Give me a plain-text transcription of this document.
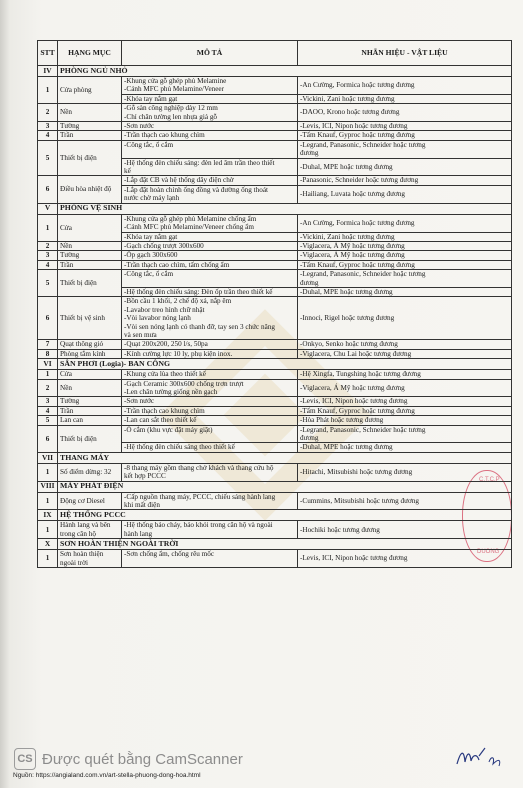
C.T.C.P
DUONG
STT	HẠNG MỤC	MÔ TẢ	NHÃN HIỆU - VẬT LIỆU
IV	PHÒNG NGỦ NHỎ		
1	Cửa phòng	-Khung cửa gỗ ghép phủ Melamine
-Cánh MFC phủ Melamine/Veneer	-An Cường, Formica hoặc tương đương

		-Khóa tay nắm gạt	-Vickini, Zani hoặc tương đương

2	Nền	-Gỗ sàn công nghiệp dày 12 mm
-Chỉ chân tường len nhựa giả gỗ	-DAOO, Krono hoặc tương đương

3	Tường	-Sơn nước	-Levis, ICI, Nipon hoặc tương đương

4	Trần	-Trần thạch cao khung chìm	-Tấm Knauf, Gyproc hoặc tương đương

5	Thiết bị điện	-Công tắc, ổ cắm	-Legrand, Panasonic, Schneider hoặc tương
đương

		-Hệ thống đèn chiếu sáng: đèn led âm trần theo thiết
kế	-Duhal, MPE hoặc tương đương

6	Điều hòa nhiệt độ	-Lắp đặt CB và hệ thống dây điện chờ	-Panasonic, Schneider hoặc tương đương

		-Lắp đặt hoàn chỉnh ống đồng và đường ống thoát
nước chờ máy lạnh	-Hailiang, Luvata hoặc tương đương

V	PHÒNG VỆ SINH		
1	Cửa	-Khung cửa gỗ ghép phủ Melamine chống ẩm
-Cánh MFC phủ Melamine/Veneer chống ẩm	-An Cường, Formica hoặc tương đương

		-Khóa tay nắm gạt	-Vickini, Zani hoặc tương đương

2	Nền	-Gạch chống trượt 300x600	-Viglacera, Á Mỹ hoặc tương đương

3	Tường	-Ốp gạch 300x600	-Viglacera, Á Mỹ hoặc tương đương

4	Trần	-Trần thạch cao chìm, tấm chống ẩm	-Tấm Knauf, Gyproc hoặc tương đương

5	Thiết bị điện	-Công tắc, ổ cắm	-Legrand, Panasonic, Schneider hoặc tương
đương

		-Hệ thống đèn chiếu sáng: Đèn ốp trần theo thiết kế	-Duhal, MPE hoặc tương đương

6	Thiết bị vệ sinh	-Bồn cầu 1 khối, 2 chế độ xả, nắp êm
-Lavabor treo hình chữ nhật
-Vòi lavabor nóng lạnh
-Vòi sen nóng lạnh có thanh đỡ, tay sen 3 chức năng
và sen mưa	-Innoci, Rigel hoặc tương đương

7	Quạt thông gió	-Quạt 200x200, 250 l/s, 50pa	-Onkyo, Senko hoặc tương đương

8	Phòng tắm kính	-Kính cường lực 10 ly, phụ kiện inox.	-Viglacera, Chu Lai hoặc tương đương

VI	SÂN PHƠI (Logia)- BAN CÔNG		
1	Cửa	-Khung cửa lùa theo thiết kế	-Hệ Xingfa, Tungshing hoặc tương đương

2	Nền	-Gạch Ceramic 300x600 chống trơn trượt
-Len chân tường giống nền gạch	-Viglacera, Á Mỹ hoặc tương đương

3	Tường	-Sơn nước	-Levis, ICI, Nipon hoặc tương đương

4	Trần	-Trần thạch cao khung chìm	-Tấm Knauf, Gyproc hoặc tương đương

5	Lan can	-Lan can sắt theo thiết kế	-Hòa Phát hoặc tương đương

6	Thiết bị điện	-Ổ cắm (khu vực đặt máy giặt)	-Legrand, Panasonic, Schneider hoặc tương
đương

		-Hệ thống đèn chiếu sáng theo thiết kế	-Duhal, MPE hoặc tương đương

VII	THANG MÁY		
1	Số điểm dừng: 32	-8 thang máy gồm thang chở khách và thang cứu hộ
kết hợp PCCC	-Hitachi, Mitsubishi hoặc tương đương

VIII	MÁY PHÁT ĐIỆN		
1	Động cơ Diesel	-Cấp nguồn thang máy, PCCC, chiếu sáng hành lang
khi mất điện	-Cummins, Mitsubishi hoặc tương đương

IX	HỆ THỐNG PCCC		
1	Hành lang và bên trong căn hộ	-Hệ thống báo cháy, báo khói trong căn hộ và ngoài
hành lang	-Hochiki hoặc tương đương

X	SƠN HOÀN THIỆN NGOÀI TRỜI		
1	Sơn hoàn thiện ngoài trời	-Sơn chống ẩm, chống rêu mốc	-Levis, ICI, Nipon hoặc tương đương
CS Được quét bằng CamScanner
Nguồn: https://angialand.com.vn/art-stella-phuong-dong-hoa.html
